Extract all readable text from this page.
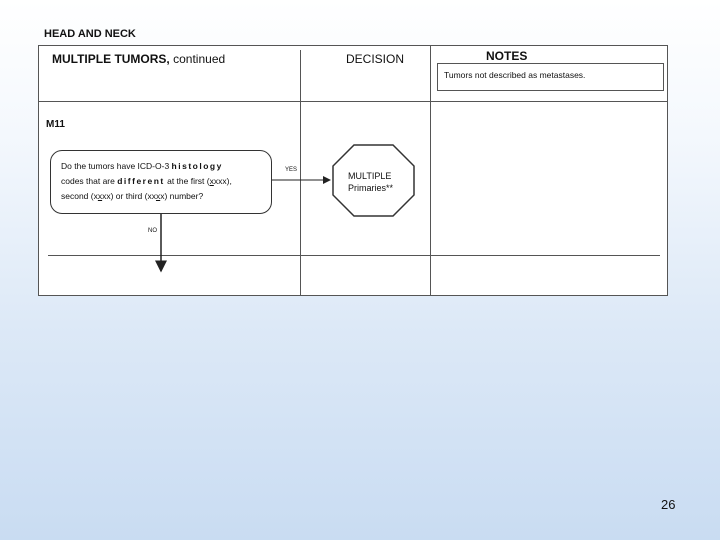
HEAD AND NECK
MULTIPLE TUMORS, continued	DECISION	NOTES
Tumors not described as metastases.
M11
Do the tumors have ICD-O-3 histology
codes that are different at the first (xxxx),
second (xxxx) or third (xxxx) number?
YES
NO
MULTIPLE
Primaries**
26
